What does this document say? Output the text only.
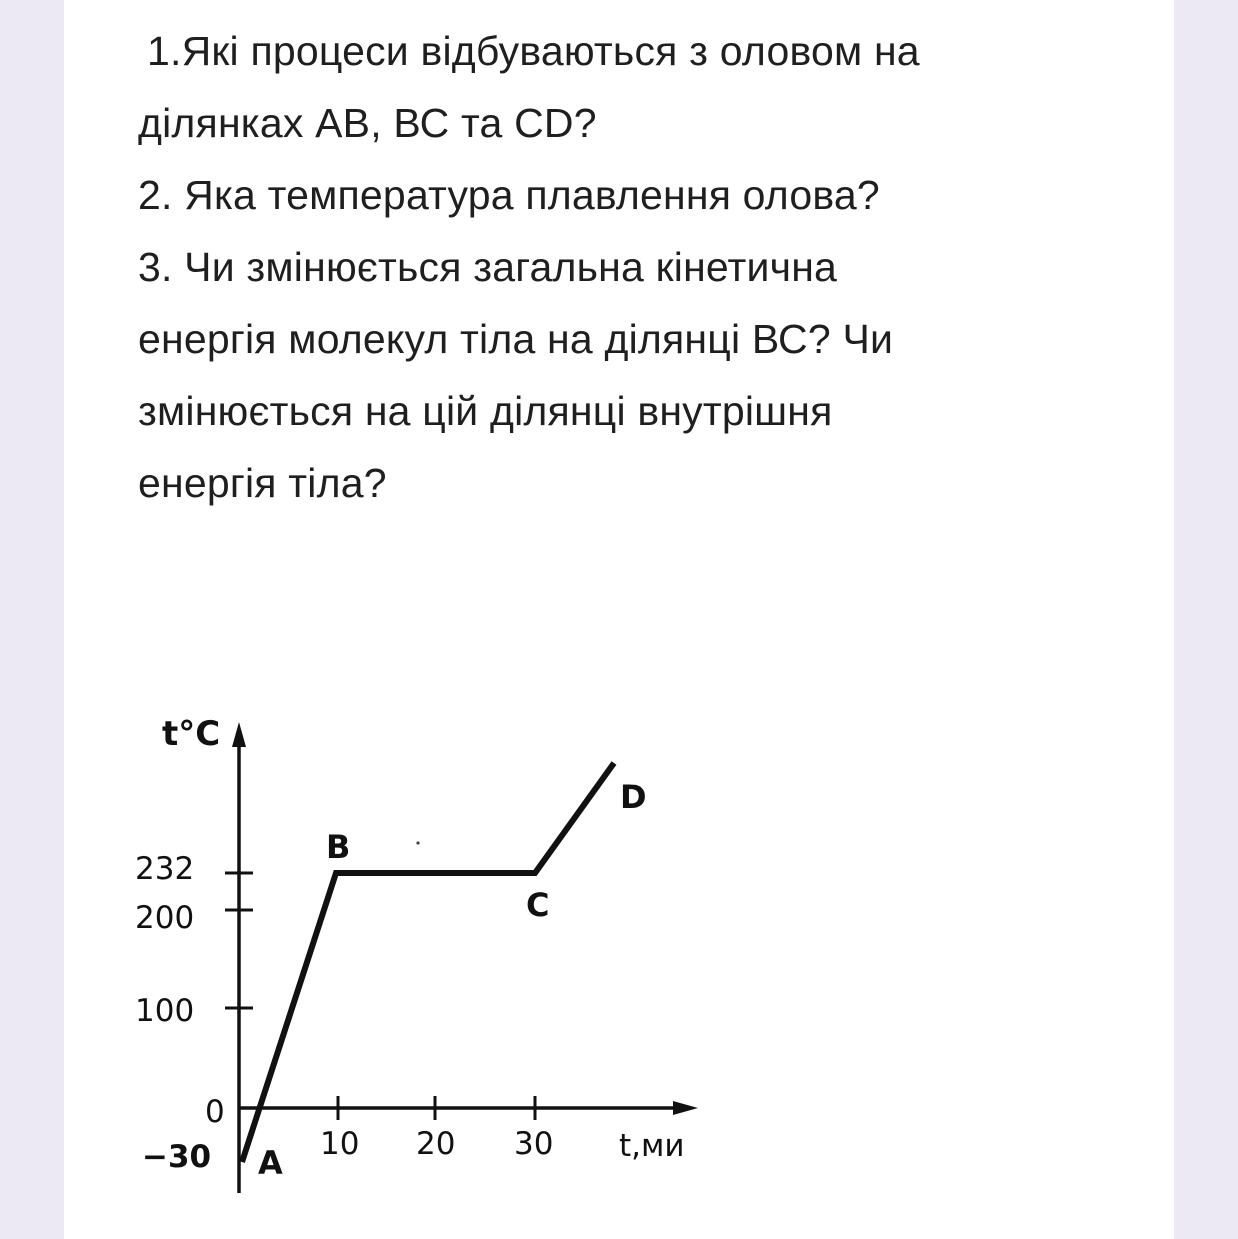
1.Які процеси відбуваються з оловом на
ділянках АВ, ВС та СD?
2. Яка температура плавлення олова?
3. Чи змінюється загальна кінетична
енергія молекул тіла на ділянці ВС? Чи
змінюється на цій ділянці внутрішня
енергія тіла?
t°C
t,ми
232
200
100
0
−30	10 20 30
A
B
C
D
